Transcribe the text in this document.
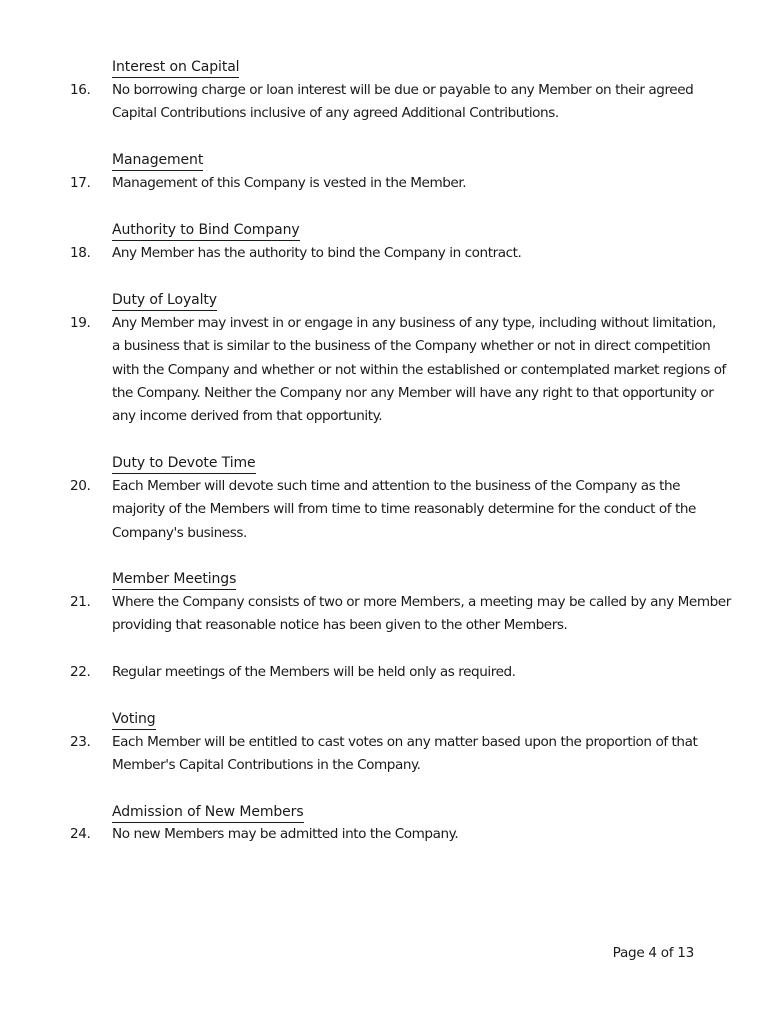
Interest on Capital
16. No borrowing charge or loan interest will be due or payable to any Member on their agreed
Capital Contributions inclusive of any agreed Additional Contributions.
Management
17. Management of this Company is vested in the Member.
Authority to Bind Company
18. Any Member has the authority to bind the Company in contract.
Duty of Loyalty
19. Any Member may invest in or engage in any business of any type, including without limitation,
a business that is similar to the business of the Company whether or not in direct competition
with the Company and whether or not within the established or contemplated market regions of
the Company. Neither the Company nor any Member will have any right to that opportunity or
any income derived from that opportunity.
Duty to Devote Time
20. Each Member will devote such time and attention to the business of the Company as the
majority of the Members will from time to time reasonably determine for the conduct of the
Company's business.
Member Meetings
21. Where the Company consists of two or more Members, a meeting may be called by any Member
providing that reasonable notice has been given to the other Members.
22. Regular meetings of the Members will be held only as required.
Voting
23. Each Member will be entitled to cast votes on any matter based upon the proportion of that
Member's Capital Contributions in the Company.
Admission of New Members
24. No new Members may be admitted into the Company.
Page 4 of 13
